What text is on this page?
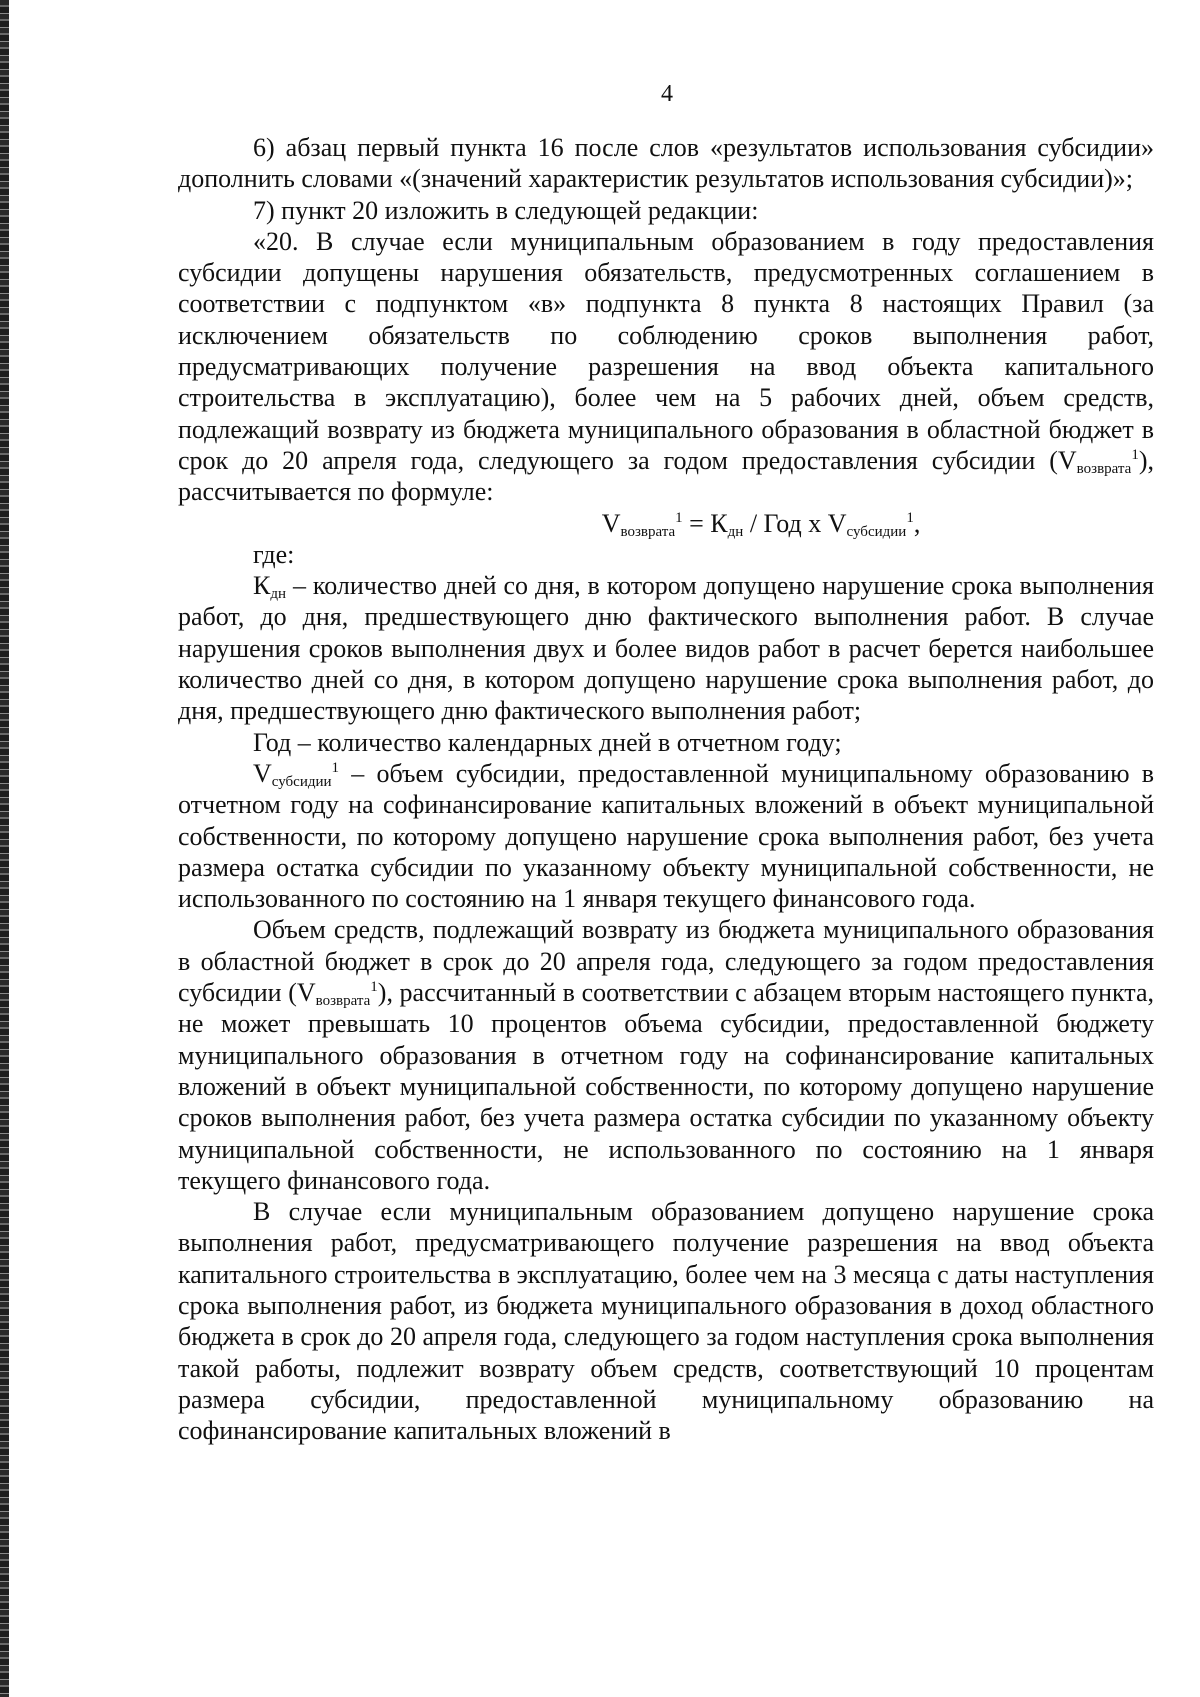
4

6) абзац первый пункта 16 после слов «результатов использования субсидии» дополнить словами «(значений характеристик результатов использования субсидии)»;

7) пункт 20 изложить в следующей редакции:

«20. В случае если муниципальным образованием в году предоставления субсидии допущены нарушения обязательств, предусмотренных соглашением в соответствии с подпунктом «в» подпункта 8 пункта 8 настоящих Правил (за исключением обязательств по соблюдению сроков выполнения работ, предусматривающих получение разрешения на ввод объекта капитального строительства в эксплуатацию), более чем на 5 рабочих дней, объем средств, подлежащий возврату из бюджета муниципального образования в областной бюджет в срок до 20 апреля года, следующего за годом предоставления субсидии $(V_{возврата}^1)$, рассчитывается по формуле:

$V_{возврата}^1 = К_{дн}$ / Год х $V_{субсидии}^1$,

где:

$К_{дн}$ – количество дней со дня, в котором допущено нарушение срока выполнения работ, до дня, предшествующего дню фактического выполнения работ. В случае нарушения сроков выполнения двух и более видов работ в расчет берется наибольшее количество дней со дня, в котором допущено нарушение срока выполнения работ, до дня, предшествующего дню фактического выполнения работ;

Год – количество календарных дней в отчетном году;

$V_{субсидии}^1$ – объем субсидии, предоставленной муниципальному образованию в отчетном году на софинансирование капитальных вложений в объект муниципальной собственности, по которому допущено нарушение срока выполнения работ, без учета размера остатка субсидии по указанному объекту муниципальной собственности, не использованного по состоянию на 1 января текущего финансового года.

Объем средств, подлежащий возврату из бюджета муниципального образования в областной бюджет в срок до 20 апреля года, следующего за годом предоставления субсидии $(V_{возврата}^1)$, рассчитанный в соответствии с абзацем вторым настоящего пункта, не может превышать 10 процентов объема субсидии, предоставленной бюджету муниципального образования в отчетном году на софинансирование капитальных вложений в объект муниципальной собственности, по которому допущено нарушение сроков выполнения работ, без учета размера остатка субсидии по указанному объекту муниципальной собственности, не использованного по состоянию на 1 января текущего финансового года.

В случае если муниципальным образованием допущено нарушение срока выполнения работ, предусматривающего получение разрешения на ввод объекта капитального строительства в эксплуатацию, более чем на 3 месяца с даты наступления срока выполнения работ, из бюджета муниципального образования в доход областного бюджета в срок до 20 апреля года, следующего за годом наступления срока выполнения такой работы, подлежит возврату объем средств, соответствующий 10 процентам размера субсидии, предоставленной муниципальному образованию на софинансирование капитальных вложений в
